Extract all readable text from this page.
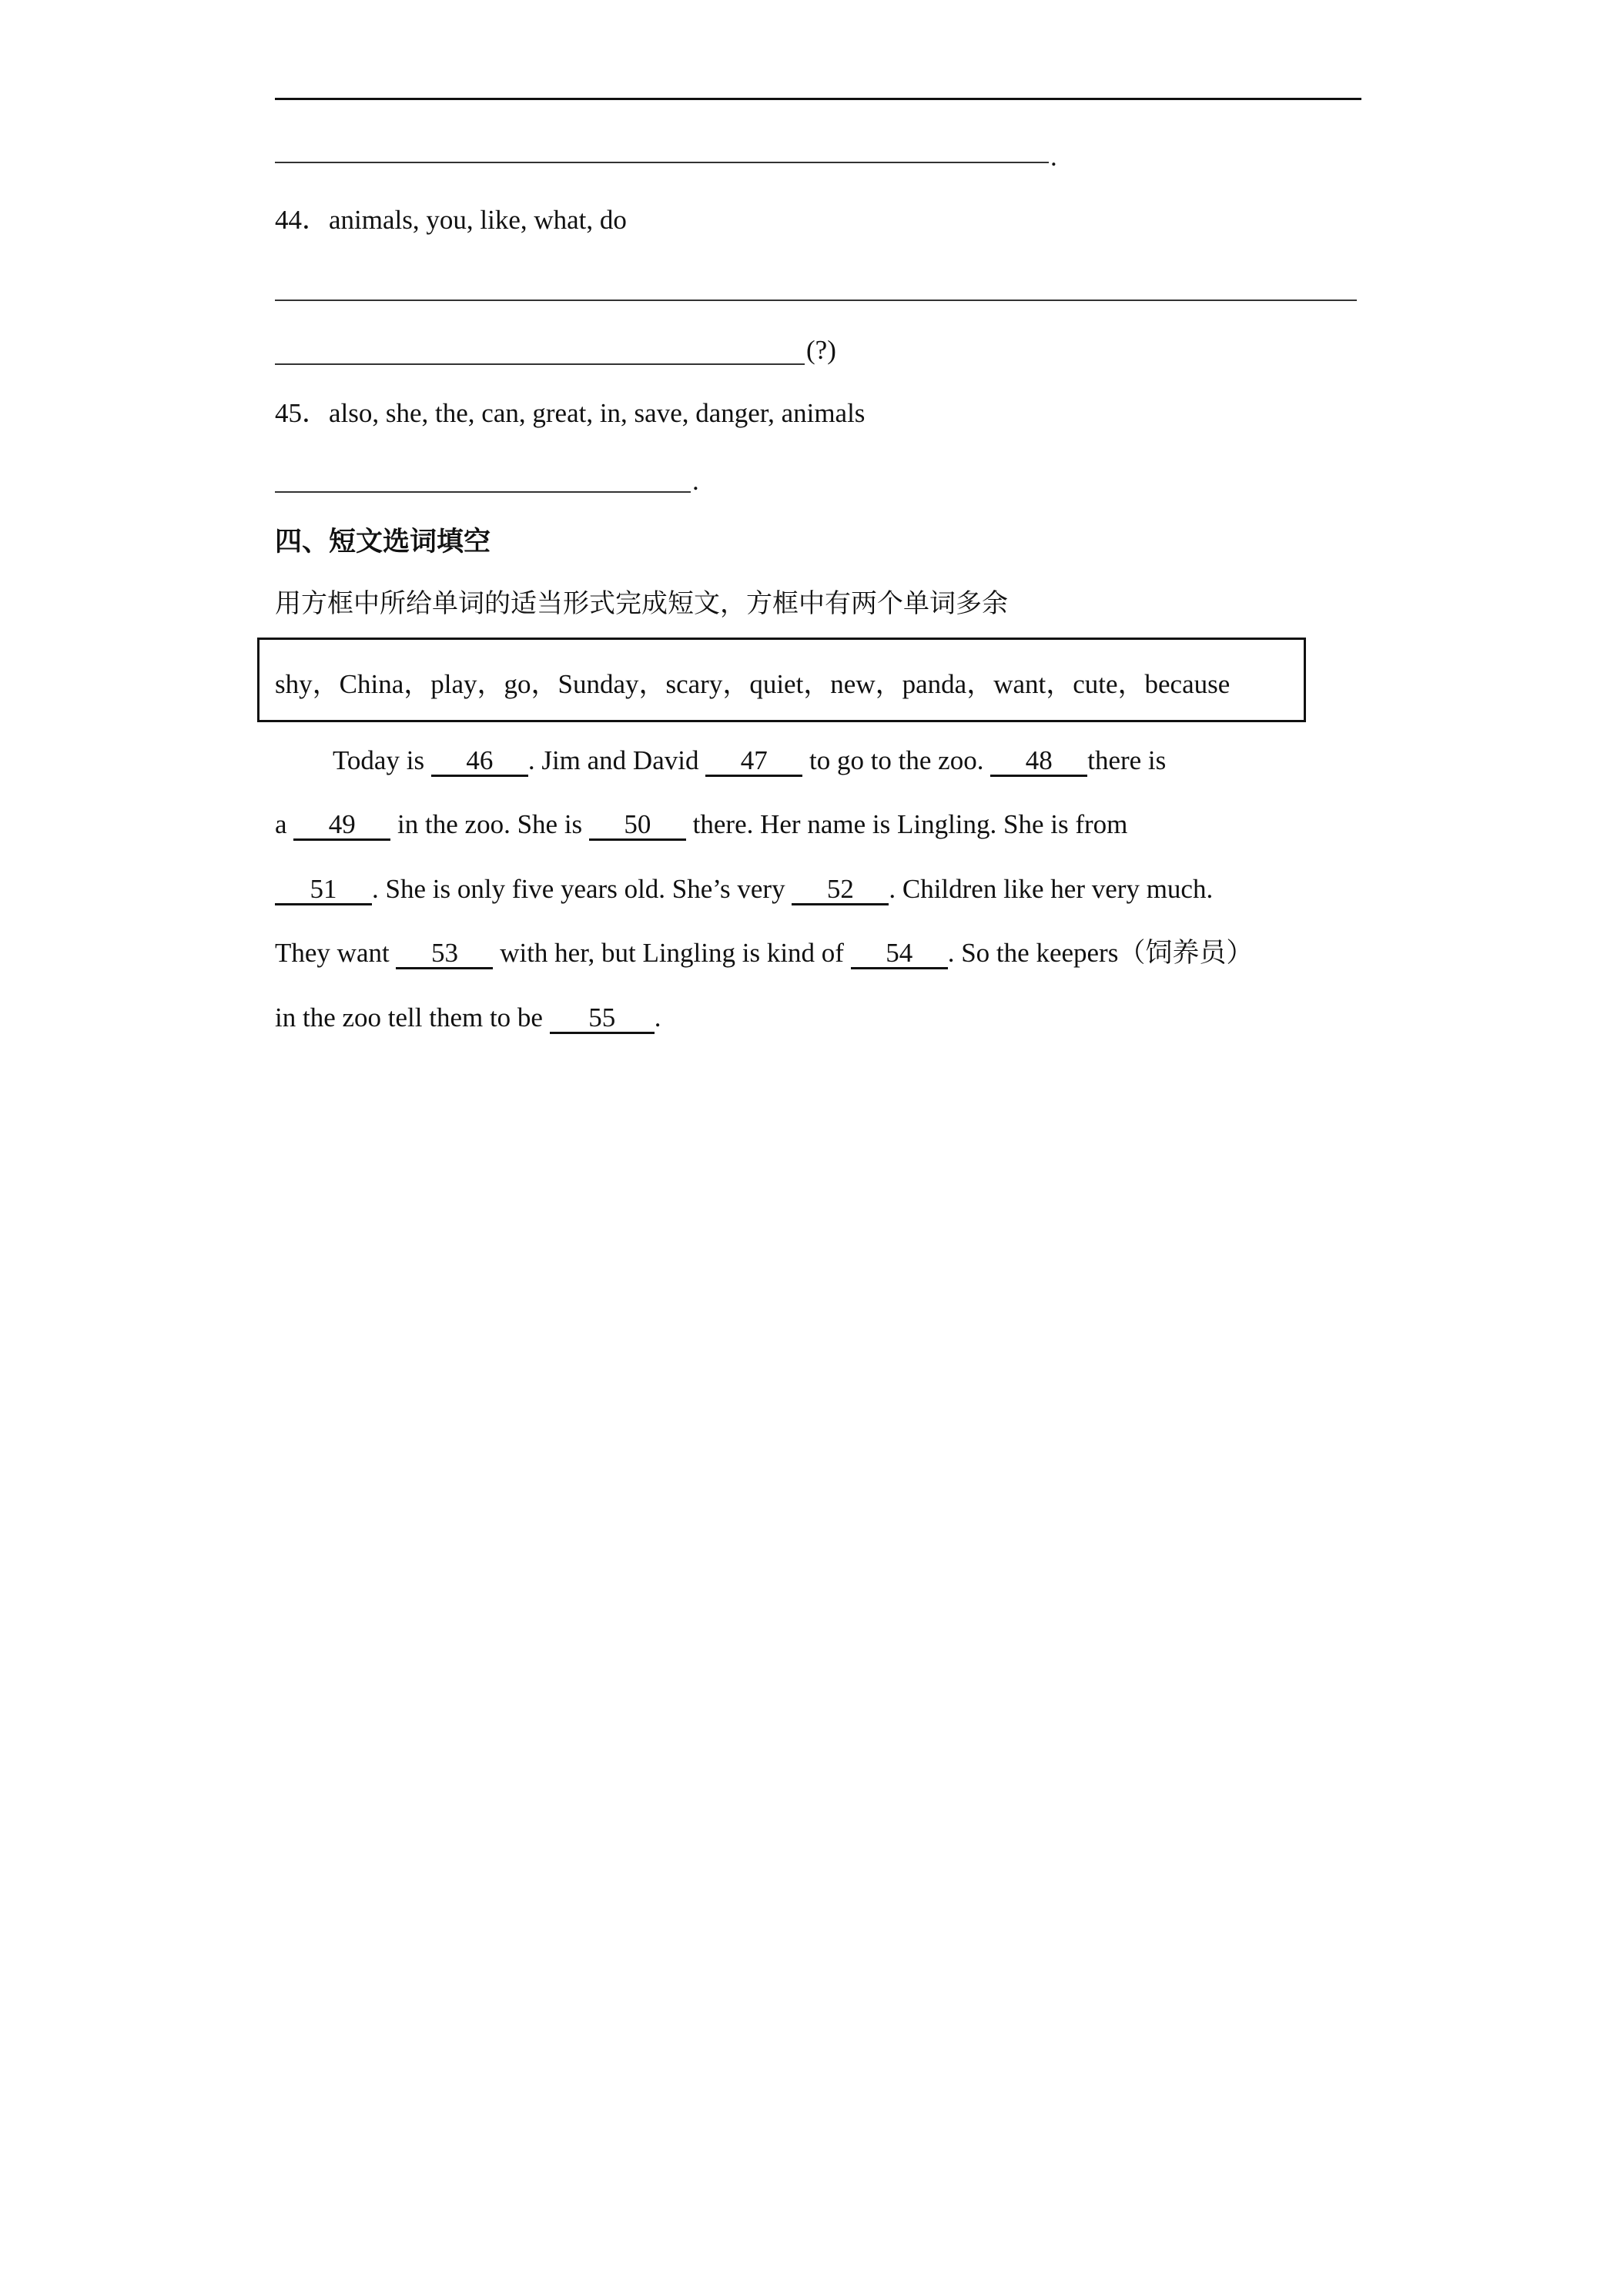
.
44．animals, you, like, what, do
(?)
45．also, she, the, can, great, in, save, danger, animals
.
四、短文选词填空
用方框中所给单词的适当形式完成短文，方框中有两个单词多余
shy，China，play，go，Sunday，scary，quiet，new，panda，want，cute，because
Today is 46 . Jim and David 47 to go to the zoo. 48 there is
a 49 in the zoo. She is 50 there. Her name is Lingling. She is from
51 . She is only five years old. She’s very 52 . Children like her very much.
They want 53 with her, but Lingling is kind of 54 . So the keepers（饲养员）
in the zoo tell them to be 55 .
